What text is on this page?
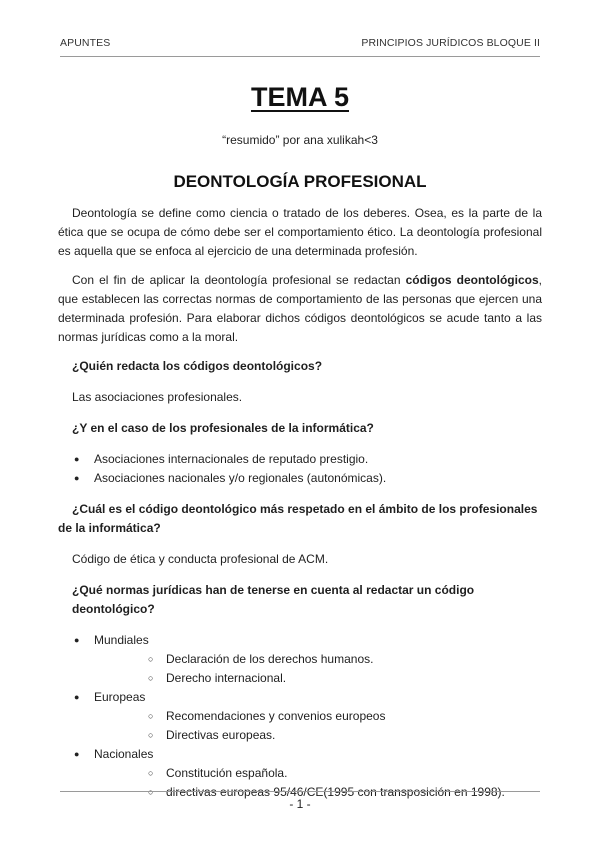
APUNTES	PRINCIPIOS JURÍDICOS BLOQUE II
TEMA 5
“resumido” por ana xulikah<3
DEONTOLOGÍA PROFESIONAL

Deontología se define como ciencia o tratado de los deberes. Osea, es la parte de la ética que se ocupa de cómo debe ser el comportamiento ético. La deontología profesional es aquella que se enfoca al ejercicio de una determinada profesión.

Con el fin de aplicar la deontología profesional se redactan códigos deontológicos, que establecen las correctas normas de comportamiento de las personas que ejercen una determinada profesión. Para elaborar dichos códigos deontológicos se acude tanto a las normas jurídicas como a la moral.

¿Quién redacta los códigos deontológicos?

Las asociaciones profesionales.

¿Y en el caso de los profesionales de la informática?

● Asociaciones internacionales de reputado prestigio.
● Asociaciones nacionales y/o regionales (autonómicas).

¿Cuál es el código deontológico más respetado en el ámbito de los profesionales de la informática?

Código de ética y conducta profesional de ACM.

¿Qué normas jurídicas han de tenerse en cuenta al redactar un código deontológico?

● Mundiales
○ Declaración de los derechos humanos.
○ Derecho internacional.
● Europeas
○ Recomendaciones y convenios europeos
○ Directivas europeas.
● Nacionales
○ Constitución española.
○ directivas europeas 95/46/CE(1995 con transposición en 1998).
- 1 -
